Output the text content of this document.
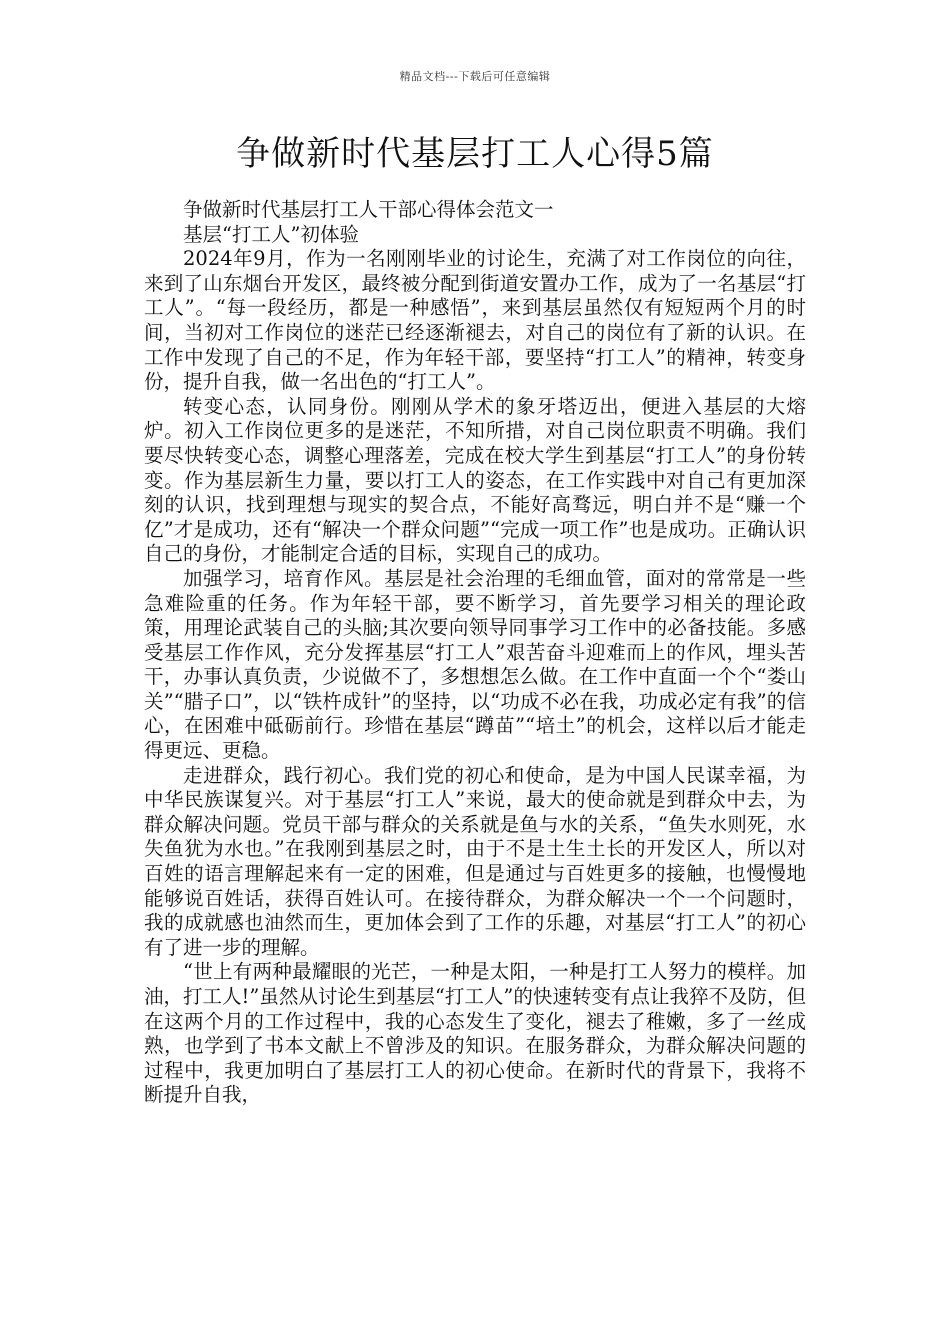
精品文档---下载后可任意编辑
争做新时代基层打工人心得5篇

争做新时代基层打工人干部心得体会范文一

基层“打工人”初体验

2024年9月，作为一名刚刚毕业的讨论生，充满了对工作岗位的向往，来到了山东烟台开发区，最终被分配到街道安置办工作，成为了一名基层“打工人”。“每一段经历，都是一种感悟”，来到基层虽然仅有短短两个月的时间，当初对工作岗位的迷茫已经逐渐褪去，对自己的岗位有了新的认识。在工作中发现了自己的不足，作为年轻干部，要坚持“打工人”的精神，转变身份，提升自我，做一名出色的“打工人”。

转变心态，认同身份。刚刚从学术的象牙塔迈出，便进入基层的大熔炉。初入工作岗位更多的是迷茫，不知所措，对自己岗位职责不明确。我们要尽快转变心态，调整心理落差，完成在校大学生到基层“打工人”的身份转变。作为基层新生力量，要以打工人的姿态，在工作实践中对自己有更加深刻的认识，找到理想与现实的契合点，不能好高骛远，明白并不是“赚一个亿”才是成功，还有“解决一个群众问题”“完成一项工作”也是成功。正确认识自己的身份，才能制定合适的目标，实现自己的成功。

加强学习，培育作风。基层是社会治理的毛细血管，面对的常常是一些急难险重的任务。作为年轻干部，要不断学习，首先要学习相关的理论政策，用理论武装自己的头脑;其次要向领导同事学习工作中的必备技能。多感受基层工作作风，充分发挥基层“打工人”艰苦奋斗迎难而上的作风，埋头苦干，办事认真负责，少说做不了，多想想怎么做。在工作中直面一个个“娄山关”“腊子口”，以“铁杵成针”的坚持，以“功成不必在我，功成必定有我”的信心，在困难中砥砺前行。珍惜在基层“蹲苗”“培土”的机会，这样以后才能走得更远、更稳。

走进群众，践行初心。我们党的初心和使命，是为中国人民谋幸福，为中华民族谋复兴。对于基层“打工人”来说，最大的使命就是到群众中去，为群众解决问题。党员干部与群众的关系就是鱼与水的关系，“鱼失水则死，水失鱼犹为水也。”在我刚到基层之时，由于不是土生土长的开发区人，所以对百姓的语言理解起来有一定的困难，但是通过与百姓更多的接触，也慢慢地能够说百姓话，获得百姓认可。在接待群众，为群众解决一个一个问题时，我的成就感也油然而生，更加体会到了工作的乐趣，对基层“打工人”的初心有了进一步的理解。

“世上有两种最耀眼的光芒，一种是太阳，一种是打工人努力的模样。加油，打工人!”虽然从讨论生到基层“打工人”的快速转变有点让我猝不及防，但在这两个月的工作过程中，我的心态发生了变化，褪去了稚嫩，多了一丝成熟，也学到了书本文献上不曾涉及的知识。在服务群众，为群众解决问题的过程中，我更加明白了基层打工人的初心使命。在新时代的背景下，我将不断提升自我，
